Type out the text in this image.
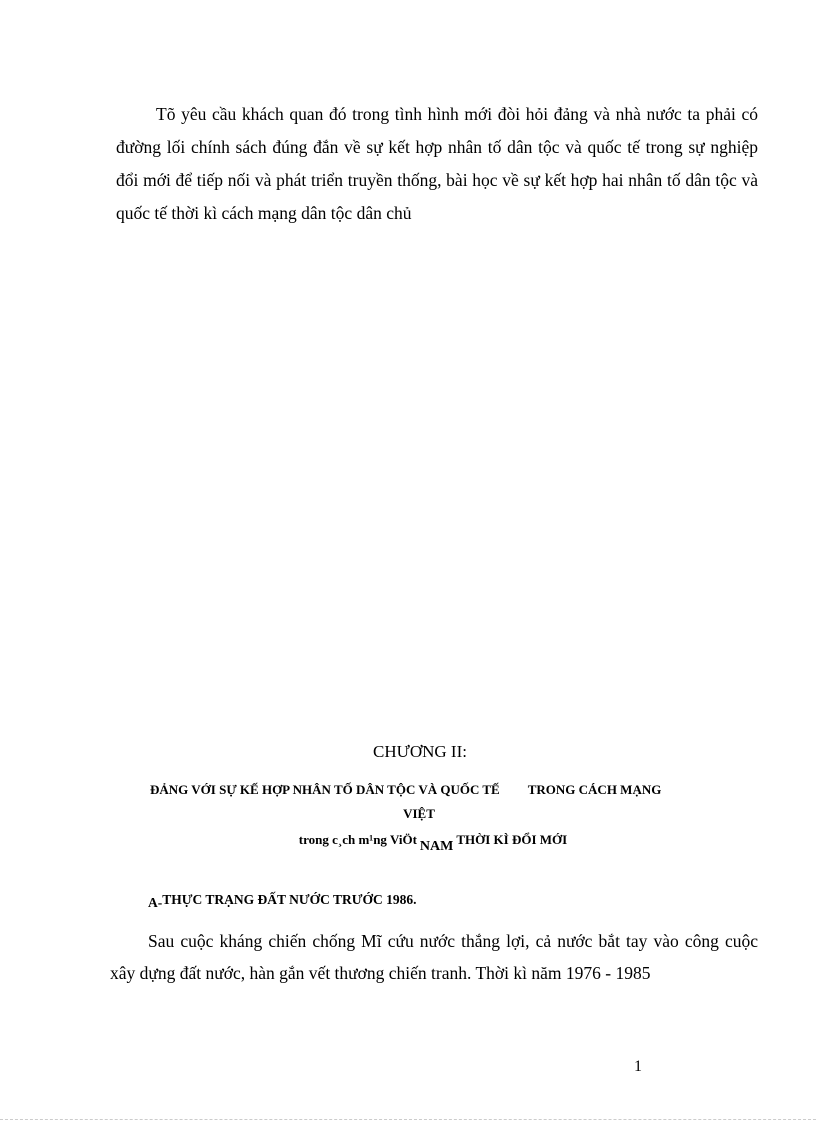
Tõ yêu cầu khách quan đó trong tình hình mới đòi hỏi đảng và nhà nước ta phải có đường lối chính sách đúng đắn về sự kết hợp nhân tố dân tộc và quốc tế trong sự nghiệp đổi mới để tiếp nối và phát triển truyền thống, bài học về sự kết hợp hai nhân tố dân tộc và quốc tế thời kì cách mạng dân tộc dân chủ

CHƯƠNG II:

ĐẢNG VỚI SỰ KẾ HỢP NHÂN TỐ DÂN TỘC VÀ QUỐC TẾ TRONG CÁCH MẠNG

VIỆT

trong c¸ch m¹ng ViÖt NAM THỜI KÌ ĐỔI MỚI

A-THỰC TRẠNG ĐẤT NƯỚC TRƯỚC 1986.

Sau cuộc kháng chiến chống Mĩ cứu nước thắng lợi, cả nước bắt tay vào công cuộc xây dựng đất nước, hàn gắn vết thương chiến tranh. Thời kì năm 1976 - 1985

1
